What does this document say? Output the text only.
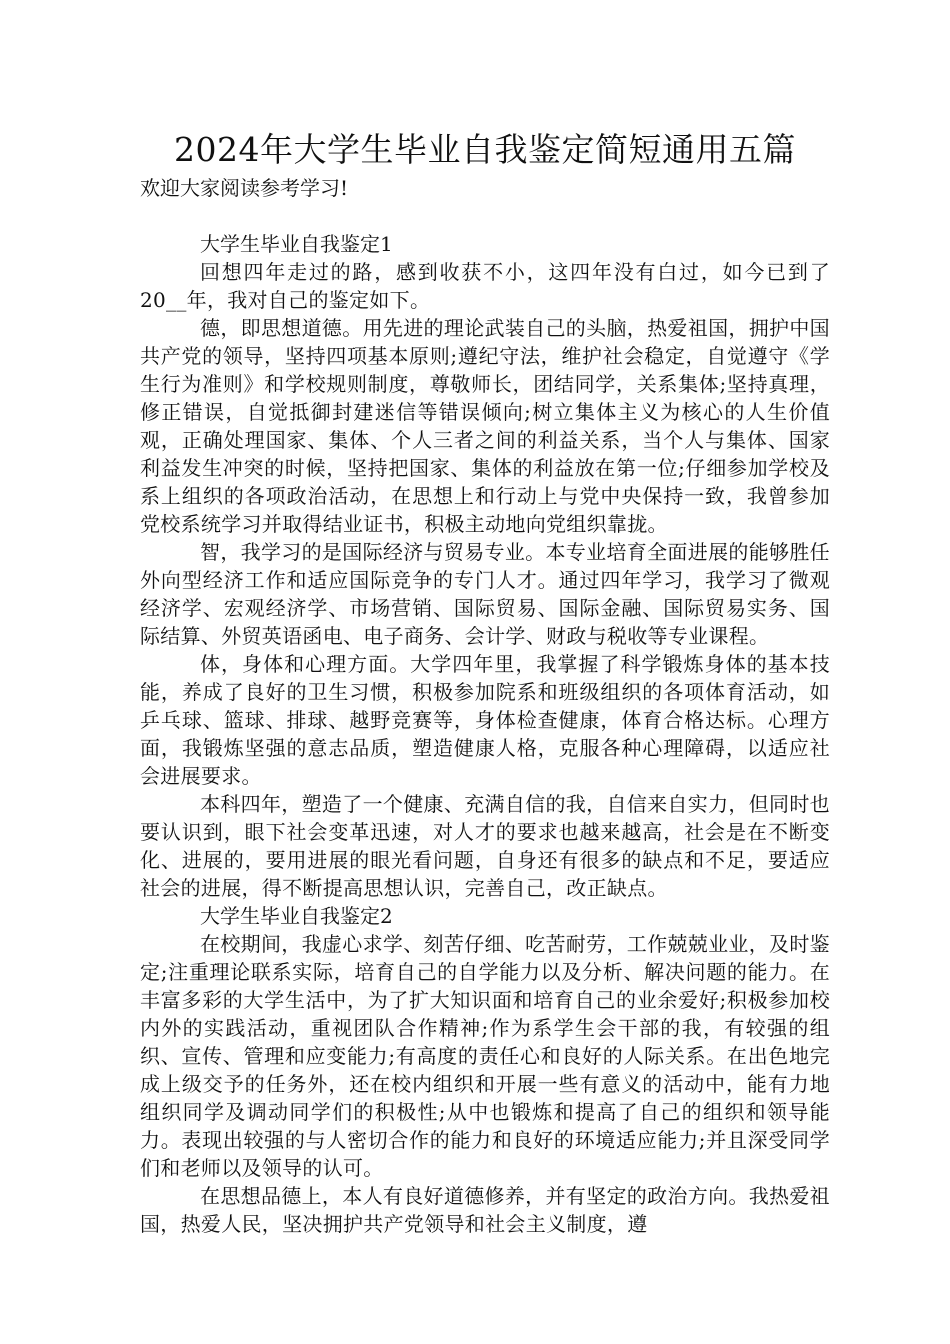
2024年大学生毕业自我鉴定简短通用五篇

欢迎大家阅读参考学习!

大学生毕业自我鉴定1

回想四年走过的路，感到收获不小，这四年没有白过，如今已到了20__年，我对自己的鉴定如下。

德，即思想道德。用先进的理论武装自己的头脑，热爱祖国，拥护中国共产党的领导，坚持四项基本原则;遵纪守法，维护社会稳定，自觉遵守《学生行为准则》和学校规则制度，尊敬师长，团结同学，关系集体;坚持真理，修正错误，自觉抵御封建迷信等错误倾向;树立集体主义为核心的人生价值观，正确处理国家、集体、个人三者之间的利益关系，当个人与集体、国家利益发生冲突的时候，坚持把国家、集体的利益放在第一位;仔细参加学校及系上组织的各项政治活动，在思想上和行动上与党中央保持一致，我曾参加党校系统学习并取得结业证书，积极主动地向党组织靠拢。

智，我学习的是国际经济与贸易专业。本专业培育全面进展的能够胜任外向型经济工作和适应国际竞争的专门人才。通过四年学习，我学习了微观经济学、宏观经济学、市场营销、国际贸易、国际金融、国际贸易实务、国际结算、外贸英语函电、电子商务、会计学、财政与税收等专业课程。

体，身体和心理方面。大学四年里，我掌握了科学锻炼身体的基本技能，养成了良好的卫生习惯，积极参加院系和班级组织的各项体育活动，如乒乓球、篮球、排球、越野竞赛等，身体检查健康，体育合格达标。心理方面，我锻炼坚强的意志品质，塑造健康人格，克服各种心理障碍，以适应社会进展要求。

本科四年，塑造了一个健康、充满自信的我，自信来自实力，但同时也要认识到，眼下社会变革迅速，对人才的要求也越来越高，社会是在不断变化、进展的，要用进展的眼光看问题，自身还有很多的缺点和不足，要适应社会的进展，得不断提高思想认识，完善自己，改正缺点。

大学生毕业自我鉴定2

在校期间，我虚心求学、刻苦仔细、吃苦耐劳，工作兢兢业业，及时鉴定;注重理论联系实际，培育自己的自学能力以及分析、解决问题的能力。在丰富多彩的大学生活中，为了扩大知识面和培育自己的业余爱好;积极参加校内外的实践活动，重视团队合作精神;作为系学生会干部的我，有较强的组织、宣传、管理和应变能力;有高度的责任心和良好的人际关系。在出色地完成上级交予的任务外，还在校内组织和开展一些有意义的活动中，能有力地组织同学及调动同学们的积极性;从中也锻炼和提高了自己的组织和领导能力。表现出较强的与人密切合作的能力和良好的环境适应能力;并且深受同学们和老师以及领导的认可。

在思想品德上，本人有良好道德修养，并有坚定的政治方向。我热爱祖国，热爱人民，坚决拥护共产党领导和社会主义制度，遵
